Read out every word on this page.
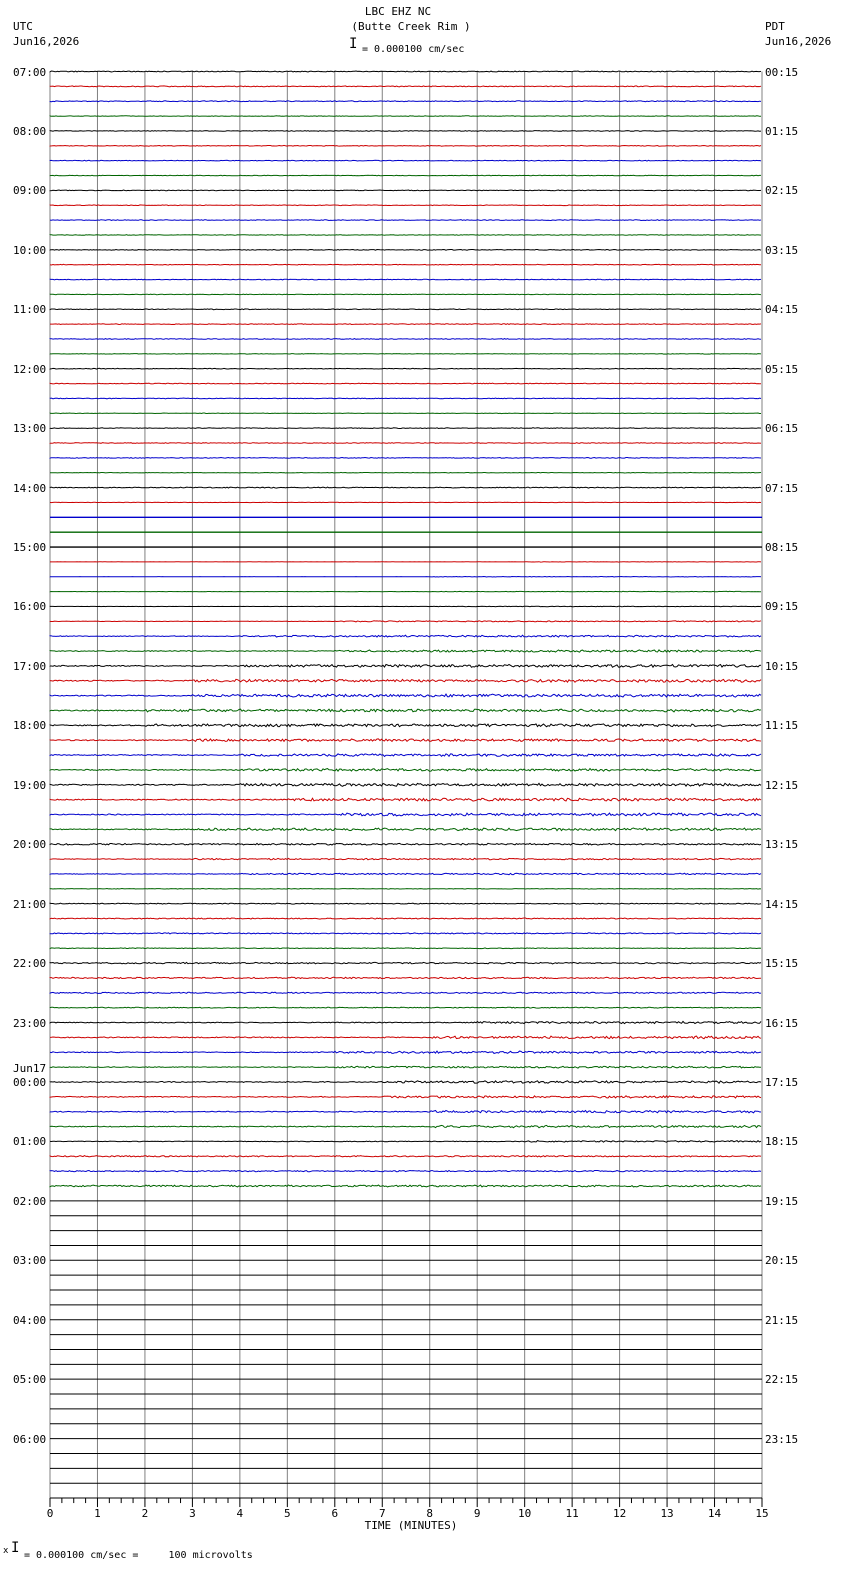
0	1	2	3	4	5	6	7	8	9	10	11	12	13	14	15
TIME (MINUTES)
LBC EHZ NC
(Butte Creek Rim )
I = 0.000100 cm/sec
UTC
Jun16,2026
PDT
Jun16,2026
x I = 0.000100 cm/sec =     100 microvolts
07:00	00:15
08:00	01:15
09:00	02:15
10:00	03:15
11:00	04:15
12:00	05:15
13:00	06:15
14:00	07:15
15:00	08:15
16:00	09:15
17:00	10:15
18:00	11:15
19:00	12:15
20:00	13:15
21:00	14:15
22:00	15:15
23:00	16:15
00:00	17:15
01:00	18:15
02:00	19:15
03:00	20:15
04:00	21:15
05:00	22:15
06:00	23:15
Jun17
